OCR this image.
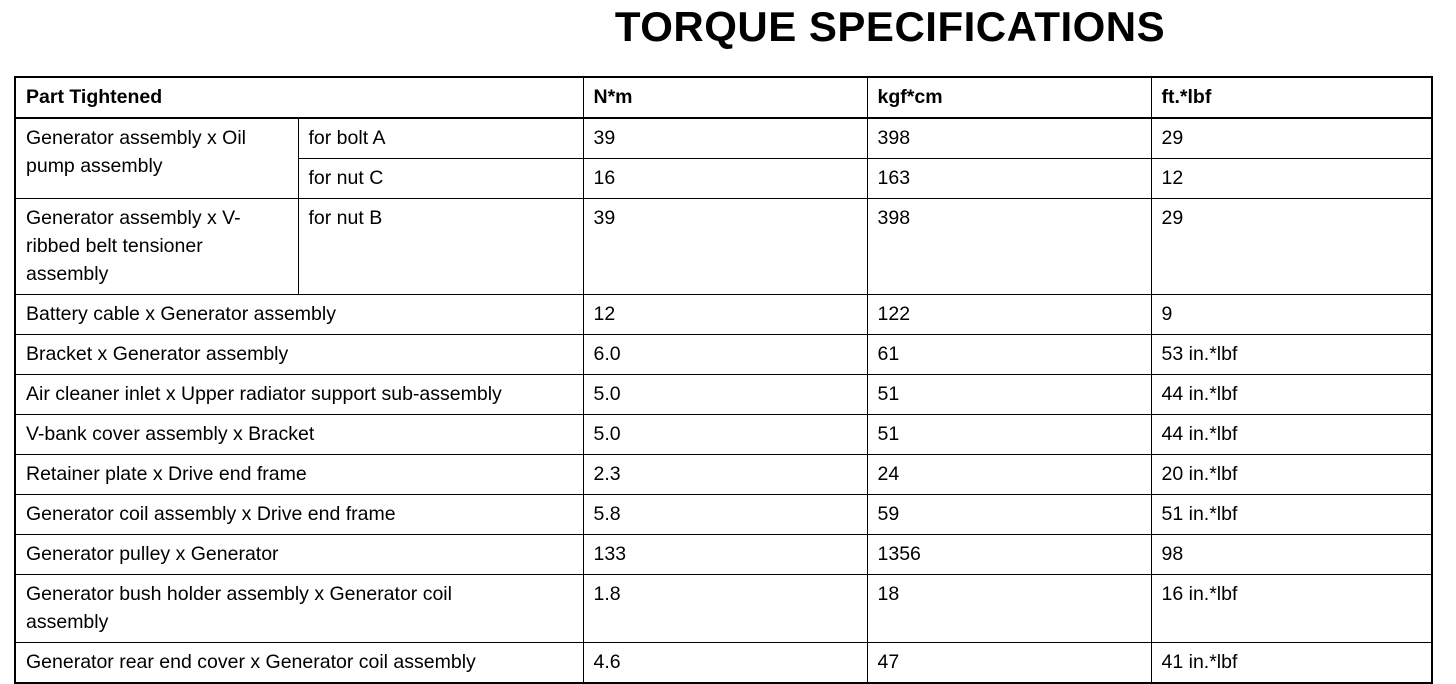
TORQUE SPECIFICATIONS
Part Tightened		N*m	kgf*cm	ft.*lbf
Generator assembly x Oil pump assembly	for bolt A	39	398	29
	for nut C	16	163	12
Generator assembly x V-ribbed belt tensioner assembly	for nut B	39	398	29
Battery cable x Generator assembly		12	122	9
Bracket x Generator assembly		6.0	61	53 in.*lbf
Air cleaner inlet x Upper radiator support sub-assembly		5.0	51	44 in.*lbf
V-bank cover assembly x Bracket		5.0	51	44 in.*lbf
Retainer plate x Drive end frame		2.3	24	20 in.*lbf
Generator coil assembly x Drive end frame		5.8	59	51 in.*lbf
Generator pulley x Generator		133	1356	98
Generator bush holder assembly x Generator coil assembly		1.8	18	16 in.*lbf
Generator rear end cover x Generator coil assembly		4.6	47	41 in.*lbf
